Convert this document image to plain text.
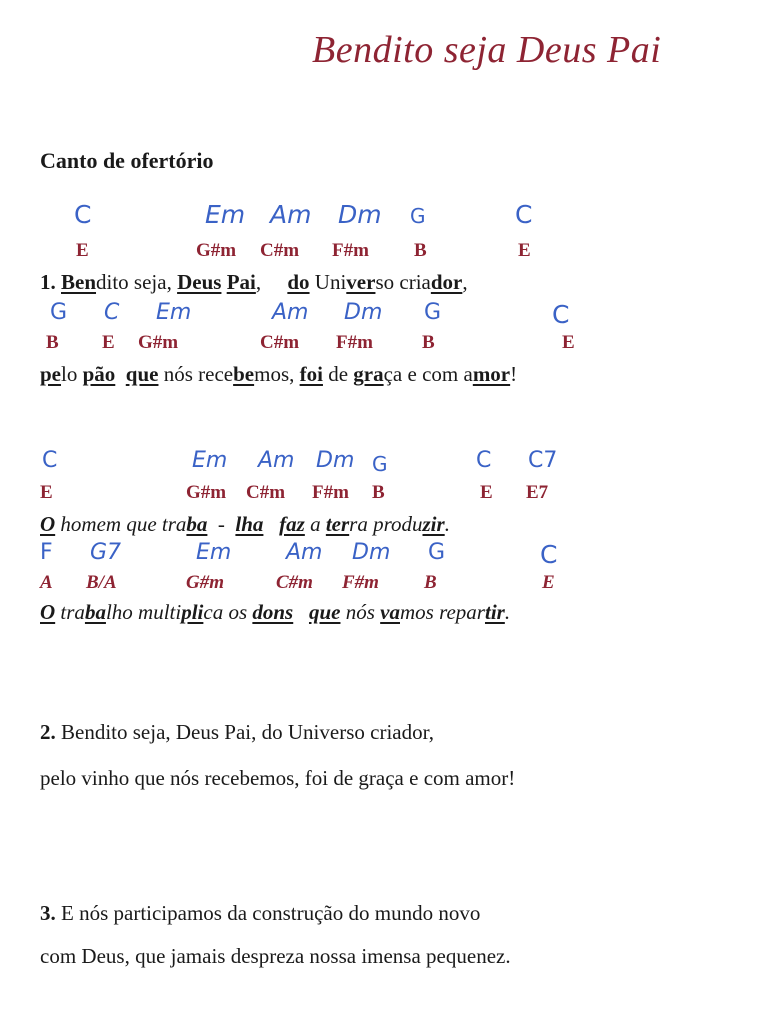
Bendito seja Deus Pai
Canto de ofertório
C	Em Am Dm G	C
E	G#m C#m F#m B	E
1. Bendito seja, Deus Pai,     do Universo criador,
G C Em	Am Dm G	C
B E G#m	C#m F#m	B	E
pelo pão que nós recebemos, foi de graça e com amor!
C	Em Am Dm G	C C7
E	G#m C#m F#m B	E E7
O homem que traba  -  lha faz a terra produzir.
F G7	Em Am Dm G	C
A B/A	G#m	C#m F#m B	E
O trabalho multiplica os dons que nós vamos repartir.
2. Bendito seja, Deus Pai, do Universo criador,
pelo vinho que nós recebemos, foi de graça e com amor!
3. E nós participamos da construção do mundo novo
com Deus, que jamais despreza nossa imensa pequenez.
